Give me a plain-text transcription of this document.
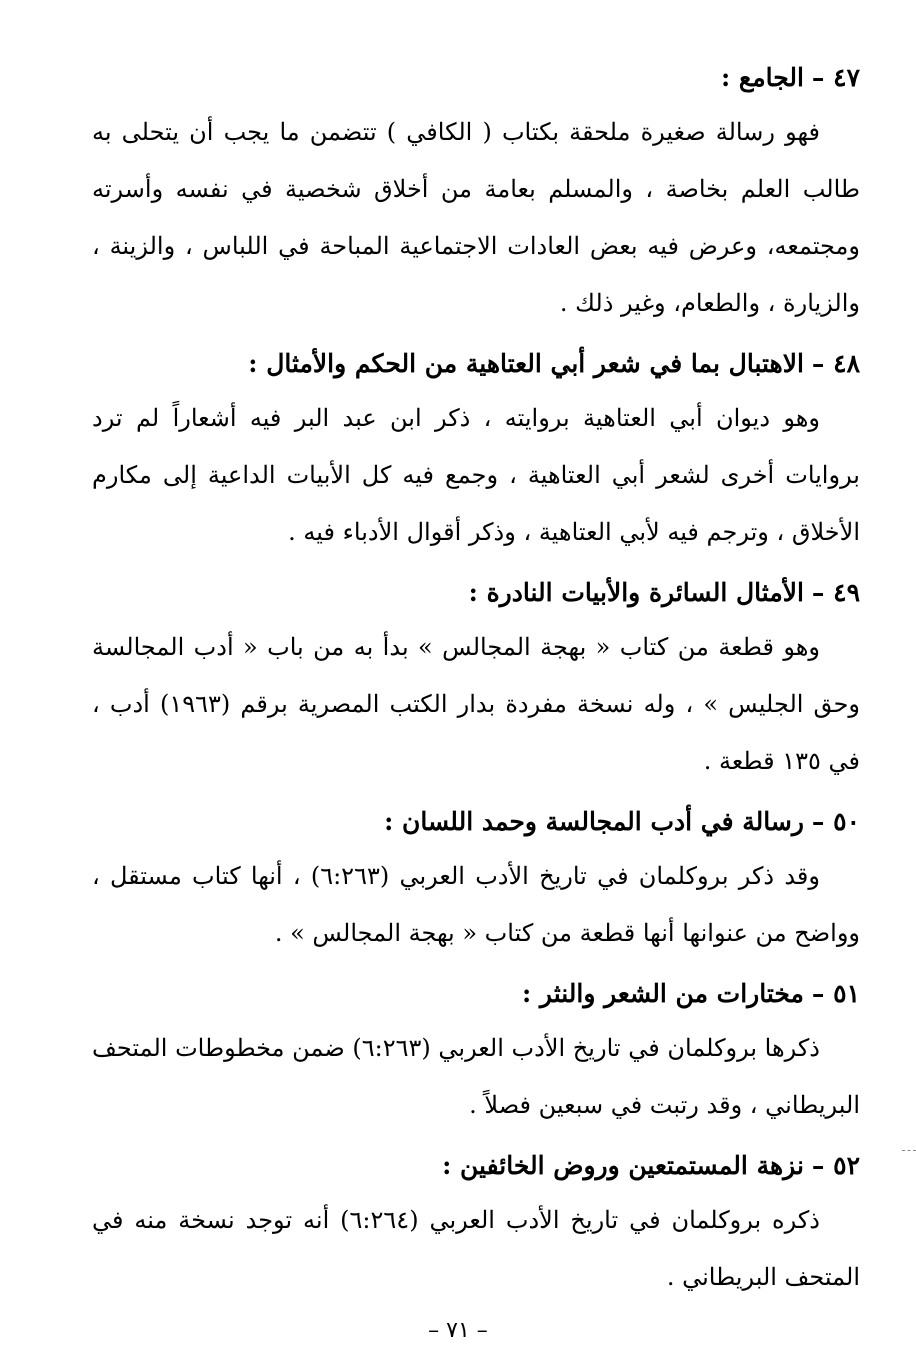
٤٧ –الجامع :

فهو رسالة صغيرة ملحقة بكتاب ( الكافي ) تتضمن ما يجب أن يتحلى به طالب العلم بخاصة ، والمسلم بعامة من أخلاق شخصية في نفسه وأسرته ومجتمعه، وعرض فيه بعض العادات الاجتماعية المباحة في اللباس ، والزينة ، والزيارة ، والطعام، وغير ذلك .

٤٨ –الاهتبال بما في شعر أبي العتاهية من الحكم والأمثال :

وهو ديوان أبي العتاهية بروايته ، ذكر ابن عبد البر فيه أشعاراً لم ترد بروايات أخرى لشعر أبي العتاهية ، وجمع فيه كل الأبيات الداعية إلى مكارم الأخلاق ، وترجم فيه لأبي العتاهية ، وذكر أقوال الأدباء فيه .

٤٩ –الأمثال السائرة والأبيات النادرة :

وهو قطعة من كتاب « بهجة المجالس » بدأ به من باب « أدب المجالسة وحق الجليس » ، وله نسخة مفردة بدار الكتب المصرية برقم (١٩٦٣) أدب ، في ١٣٥ قطعة .

٥٠ –رسالة في أدب المجالسة وحمد اللسان :

وقد ذكر بروكلمان في تاريخ الأدب العربي (٦:٢٦٣) ، أنها كتاب مستقل ، وواضح من عنوانها أنها قطعة من كتاب « بهجة المجالس » .

٥١ –مختارات من الشعر والنثر :

ذكرها بروكلمان في تاريخ الأدب العربي (٦:٢٦٣) ضمن مخطوطات المتحف البريطاني ، وقد رتبت في سبعين فصلاً .

٥٢ –نزهة المستمتعين وروض الخائفين :

ذكره بروكلمان في تاريخ الأدب العربي (٦:٢٦٤) أنه توجد نسخة منه في المتحف البريطاني .

– ٧١ –
